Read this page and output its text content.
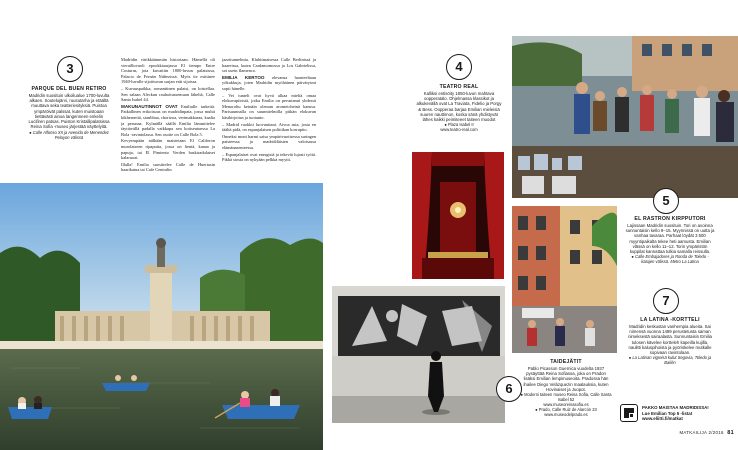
3
PARQUE DEL BUEN RETIRO
Madridin suosituin ulkoilualue 1700-luvulta alkaen. Soutelujärvi, ruusutarha ja etäältä muuttava seka teatteriesityksiä. Puistoa ympäröivät palssat, kuten muistoaan tiettävästi ainoa langenneen enkelin Lucifiren patsas. Puiston Kristallipalatsissa Reina Sofia -museo järjestää näyttelyitä.
● Calle Alfonso XII ja Avenida de Menendez Pelayon välissä

Madridin värikkäämmän historiaan. Hämellä oli vierailluvuoli epookkiaarjassa El tiempo Entre Costuras, jota kuvattiin 1800-luvun palatsissa, Palacio de Fernán Núñezissä. Myös tie esittinee 1940-luvulle sijoittuvan sarjan eräi sijoissa.

– Kuvauspaikka, romanttinen palatsi, on loistellaa. Sen salaan Aleckun rauhoitussemuan läheltä, Calle Santa Isabel 44.

MAKUNAUTINNOT OVAT Emiliulle tarkeitä. Paikallinen erikoisuus on madridinpata, jossa muhii kikherneitä, sianlihaa, chorizoa, verimakkaraa, kaalia ja perunaa. Kylmällä säällä Emilia lämmittelee täyttävällä padalla vaikkapa sen kotiseutuessa La Bola -ravintolassa. Sen osoite on Calle Bola 5.

Kevyempään nälkään maistetaan El Califeron murolaiseen ripapuita, jossa on lientä, kanaa ja papuja, tai El Pimiento Verden baskiradulaiset kalaruoat.

Illalla! Emilia suosittelee Calle de Huertasin baarikatua tai Cafe Centralin

jazzitunnelmia. Klubitmaisessa Calle Berlinissä ja baareissa, kuten Cardamomossa ja Los Gabrielissa, soi usein flamenco.

EMILIA KERTOO olevansa luonteeltaan yökukkuja, joten Madridin myöhäinen päivärytmi sopii hänelle.

– Vei tunteli ovat hyvä alkaa mieltä omaa elokuvapiiristä, jotka Emilia on perustanut yhdessä Menoroltu keinäin oleman aromeicheinä kanssa. Parisuunnalla on suunnitelmilla pitkän elokuvan käsikirjoitus ja tuotanto.

– Madrid ruokkii luovuuttani. Aivoa asia, josta en täältä pidä, on espanjalaisen politiikan korruptio.

Onneksi moni harmi saisa ympärivuotisessa suringen paisteessa ja madridiläisten valoisassa elämänasenteessa.

– Espanjalaiset ovat energisiä ja tekevät lujasti työtä. Pikkä siosta on nykyään pelkkä myytti.

4
TEATRO REAL
Kalliksi entisöity 1850-luvun mahtava oopperatalo. Ohjelmassa klassikot ja alkukevällä ovat La Traviata, Fidelio ja Porgy & Bess. Oopperaa barjaa Emilian mieleisiä suuren nauttimon, koska sänä yhdistyvät lähes kaikki peimiteeet taiteen muodot
● Plaza Isabel II
www.teatro-real.com
6
TAIDEJÄTIT
Pablo Picasson Guernica vuodelta 1937 pysäyttää Reina Sofiassa, joka on Pradon lisäksi Emilian lempimuseoita. Pradossa hän ihailee Diego Velázquezin maalauksia, kuten Hovinaiset ja Juopot.
● Moderni taiteen museo Reina Sofia, Calle Santa Isabel 52
www.museoreinasofia.es
● Prado, Calle Ruiz de Alarcón 23
www.museodelprado.es
5
EL RASTRON KIRPPUTORI
Lajissaan Madridin suosituin. Tori on avoinna sunnuntaisin kello 9–15. Myynnissä on uutta ja vanhaa tavaraa. Parhaat löydät 3 500 myyntipaikalta tekee heti aamusta. Emilian vlässä on kello 11–12. Torin ympäristön kuppilat kannattaa tulkia samalla reissulla.
● Calle Embajadores ja Ronda de Toledo -katujen välissä. Metro La Latina
7
LA LATINA -KORTTELI
Madridin keskustan vanhempia alueita. Sai nimensä vuonna 1499 perustetusta saman nimeksestä sairaalasta. Sunnuntaisin Emilia tulosen kävelee kortteleh kapeilla kujilla, naulitti kaluspihoista ja pyöriskelee mutkalle sopivaan ravintolaan.
● La Latinan vigreisä kulut Segovia, Toledo ja Bailén
PAKKO MAISTAA MADRIDISSA!
Lue Emilian Top 5 -listat
www.eliitti.fi/matkat
MATKAILIJA 2/2016 81
